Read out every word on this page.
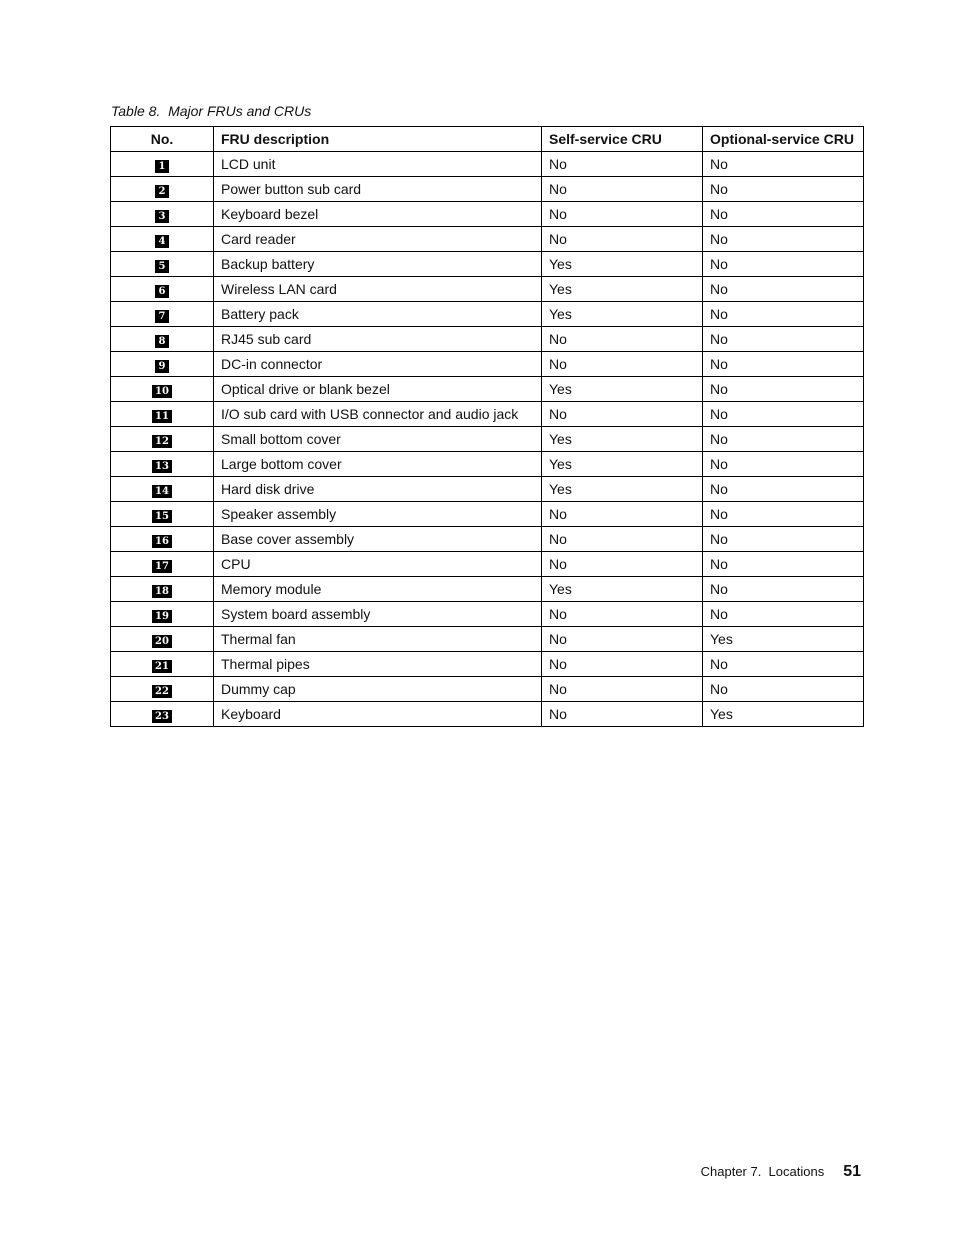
Table 8.  Major FRUs and CRUs
No.	FRU description	Self-service CRU	Optional-service CRU
1	LCD unit	No	No
2	Power button sub card	No	No
3	Keyboard bezel	No	No
4	Card reader	No	No
5	Backup battery	Yes	No
6	Wireless LAN card	Yes	No
7	Battery pack	Yes	No
8	RJ45 sub card	No	No
9	DC-in connector	No	No
10	Optical drive or blank bezel	Yes	No
11	I/O sub card with USB connector and audio jack	No	No
12	Small bottom cover	Yes	No
13	Large bottom cover	Yes	No
14	Hard disk drive	Yes	No
15	Speaker assembly	No	No
16	Base cover assembly	No	No
17	CPU	No	No
18	Memory module	Yes	No
19	System board assembly	No	No
20	Thermal fan	No	Yes
21	Thermal pipes	No	No
22	Dummy cap	No	No
23	Keyboard	No	Yes
Chapter 7.  Locations 51
